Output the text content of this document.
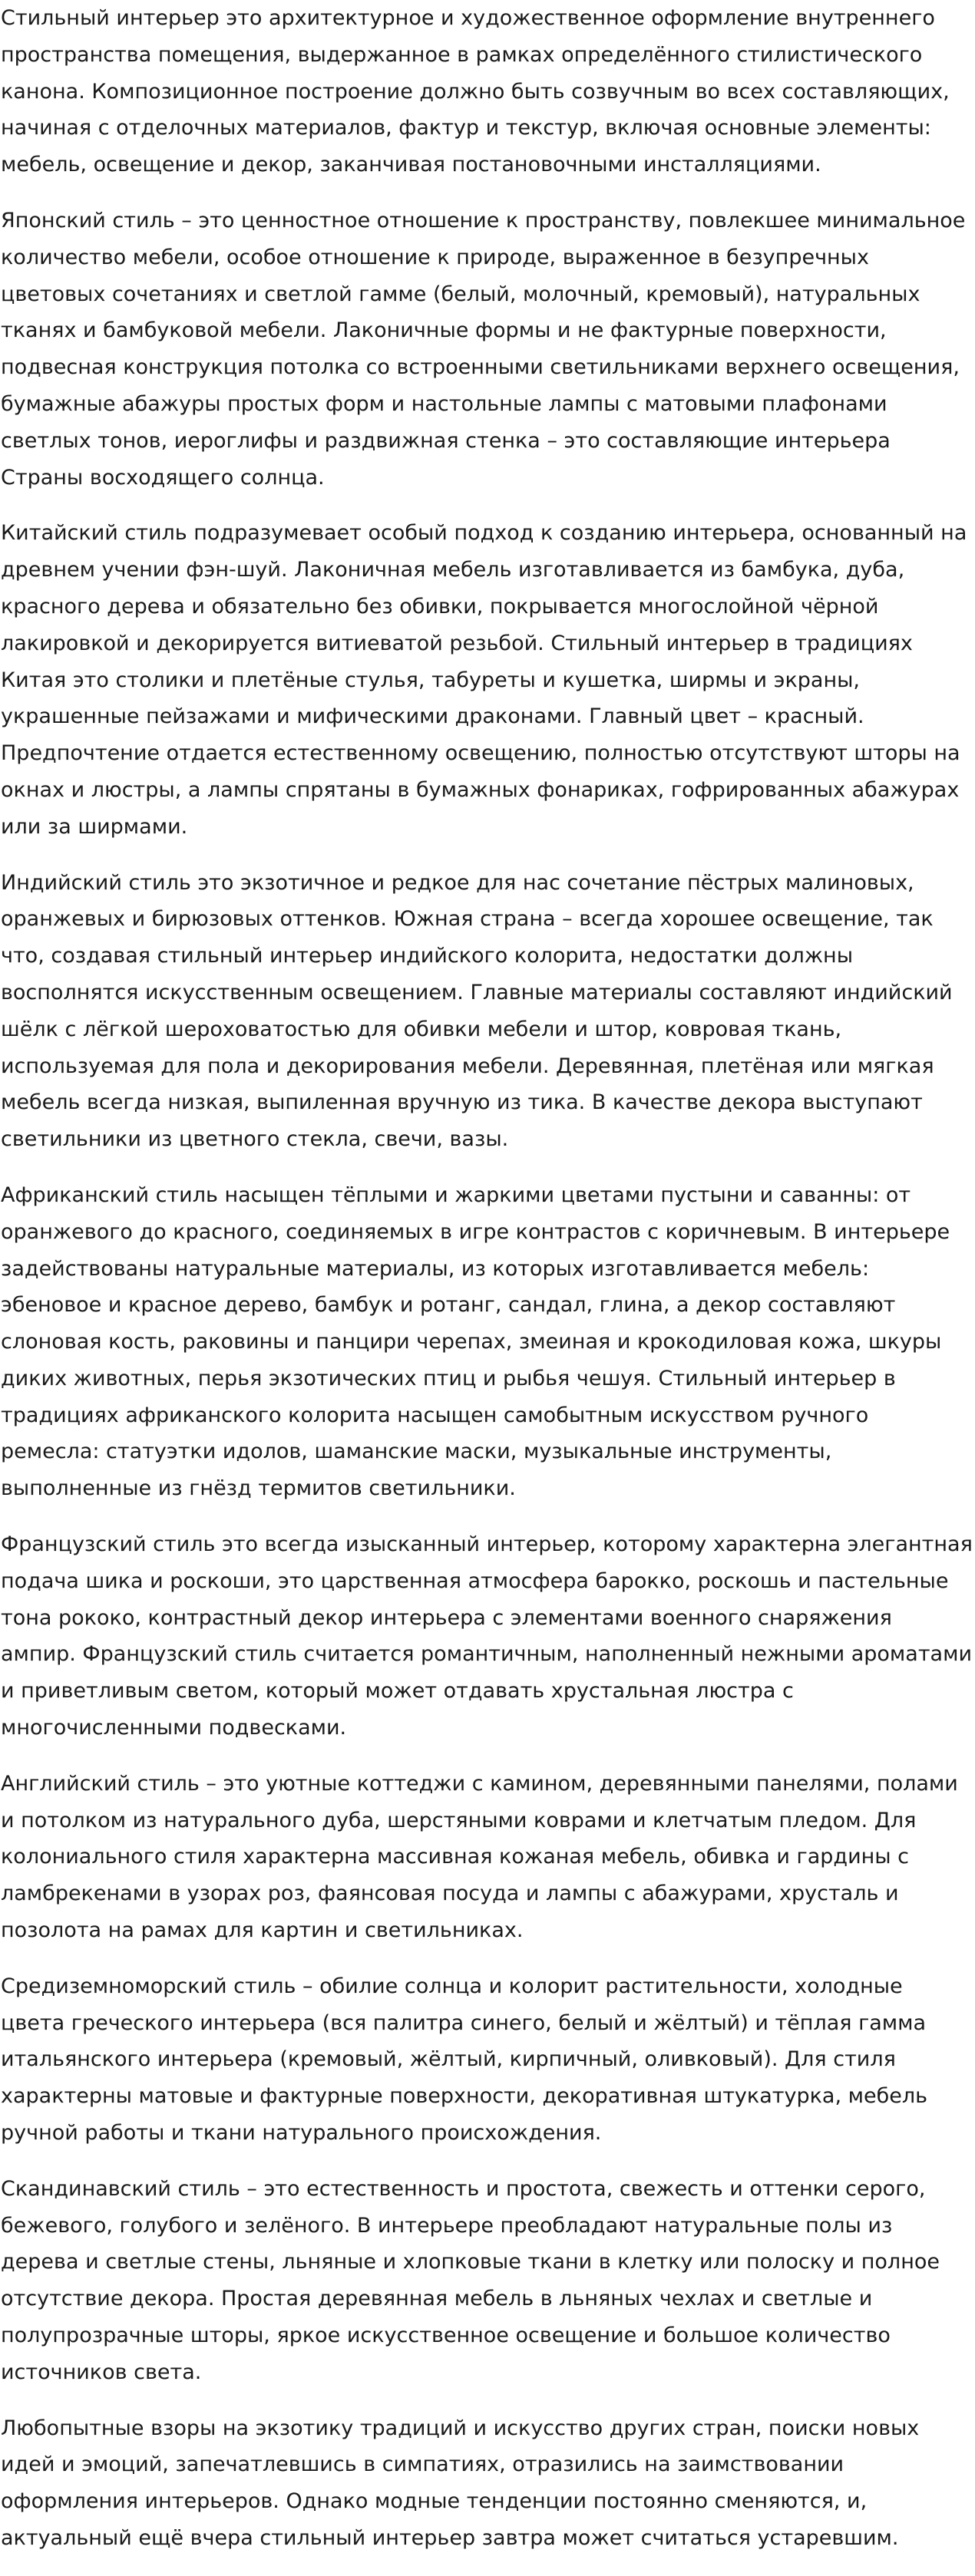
Стильный интерьер это архитектурное и художественное оформление внутреннего пространства помещения, выдержанное в рамках определённого стилистического канона. Композиционное построение должно быть созвучным во всех составляющих, начиная с отделочных материалов, фактур и текстур, включая основные элементы: мебель, освещение и декор, заканчивая постановочными инсталляциями.

Японский стиль – это ценностное отношение к пространству, повлекшее минимальное количество мебели, особое отношение к природе, выраженное в безупречных цветовых сочетаниях и светлой гамме (белый, молочный, кремовый), натуральных тканях и бамбуковой мебели. Лаконичные формы и не фактурные поверхности, подвесная конструкция потолка со встроенными светильниками верхнего освещения, бумажные абажуры простых форм и настольные лампы с матовыми плафонами светлых тонов, иероглифы и раздвижная стенка – это составляющие интерьера Страны восходящего солнца.

Китайский стиль подразумевает особый подход к созданию интерьера, основанный на древнем учении фэн-шуй. Лаконичная мебель изготавливается из бамбука, дуба, красного дерева и обязательно без обивки, покрывается многослойной чёрной лакировкой и декорируется витиеватой резьбой. Стильный интерьер в традициях Китая это столики и плетёные стулья, табуреты и кушетка, ширмы и экраны, украшенные пейзажами и мифическими драконами. Главный цвет – красный. Предпочтение отдается естественному освещению, полностью отсутствуют шторы на окнах и люстры, а лампы спрятаны в бумажных фонариках, гофрированных абажурах или за ширмами.

Индийский стиль это экзотичное и редкое для нас сочетание пёстрых малиновых, оранжевых и бирюзовых оттенков. Южная страна – всегда хорошее освещение, так что, создавая стильный интерьер индийского колорита, недостатки должны восполнятся искусственным освещением. Главные материалы составляют индийский шёлк с лёгкой шероховатостью для обивки мебели и штор, ковровая ткань, используемая для пола и декорирования мебели. Деревянная, плетёная или мягкая мебель всегда низкая, выпиленная вручную из тика. В качестве декора выступают светильники из цветного стекла, свечи, вазы.

Африканский стиль насыщен тёплыми и жаркими цветами пустыни и саванны: от оранжевого до красного, соединяемых в игре контрастов с коричневым. В интерьере задействованы натуральные материалы, из которых изготавливается мебель: эбеновое и красное дерево, бамбук и ротанг, сандал, глина, а декор составляют слоновая кость, раковины и панцири черепах, змеиная и крокодиловая кожа, шкуры диких животных, перья экзотических птиц и рыбья чешуя. Стильный интерьер в традициях африканского колорита насыщен самобытным искусством ручного ремесла: статуэтки идолов, шаманские маски, музыкальные инструменты, выполненные из гнёзд термитов светильники.

Французский стиль это всегда изысканный интерьер, которому характерна элегантная подача шика и роскоши, это царственная атмосфера барокко, роскошь и пастельные тона рококо, контрастный декор интерьера с элементами военного снаряжения ампир. Французский стиль считается романтичным, наполненный нежными ароматами и приветливым светом, который может отдавать хрустальная люстра с многочисленными подвесками.

Английский стиль – это уютные коттеджи с камином, деревянными панелями, полами и потолком из натурального дуба, шерстяными коврами и клетчатым пледом. Для колониального стиля характерна массивная кожаная мебель, обивка и гардины с ламбрекенами в узорах роз, фаянсовая посуда и лампы с абажурами, хрусталь и позолота на рамах для картин и светильниках.

Средиземноморский стиль – обилие солнца и колорит растительности, холодные цвета греческого интерьера (вся палитра синего, белый и жёлтый) и тёплая гамма итальянского интерьера (кремовый, жёлтый, кирпичный, оливковый). Для стиля характерны матовые и фактурные поверхности, декоративная штукатурка, мебель ручной работы и ткани натурального происхождения.

Скандинавский стиль – это естественность и простота, свежесть и оттенки серого, бежевого, голубого и зелёного. В интерьере преобладают натуральные полы из дерева и светлые стены, льняные и хлопковые ткани в клетку или полоску и полное отсутствие декора. Простая деревянная мебель в льняных чехлах и светлые и полупрозрачные шторы, яркое искусственное освещение и большое количество источников света.

Любопытные взоры на экзотику традиций и искусство других стран, поиски новых идей и эмоций, запечатлевшись в симпатиях, отразились на заимствовании оформления интерьеров. Однако модные тенденции постоянно сменяются, и, актуальный ещё вчера стильный интерьер завтра может считаться устаревшим.
